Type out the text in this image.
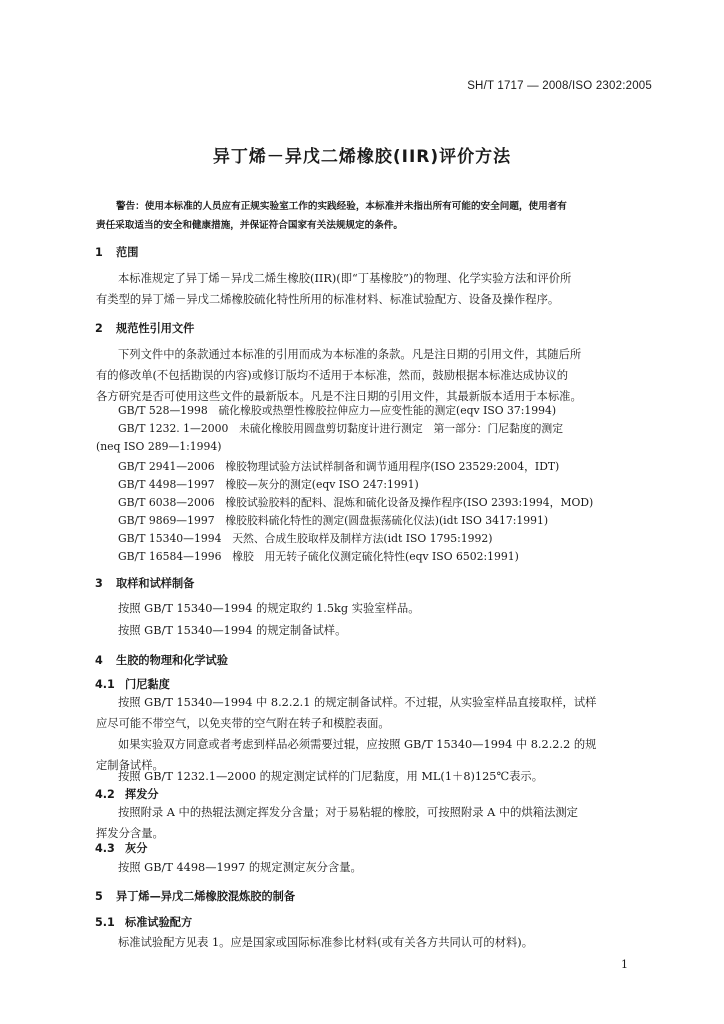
SH/T 1717 — 2008/ISO 2302:2005
异丁烯－异戊二烯橡胶(IIR)评价方法
警告：使用本标准的人员应有正规实验室工作的实践经验，本标准并未指出所有可能的安全问题，使用者有
责任采取适当的安全和健康措施，并保证符合国家有关法规规定的条件。
1 范围
本标准规定了异丁烯－异戊二烯生橡胶(IIR)(即“丁基橡胶”)的物理、化学实验方法和评价所
有类型的异丁烯－异戊二烯橡胶硫化特性所用的标准材料、标准试验配方、设备及操作程序。
2 规范性引用文件
下列文件中的条款通过本标准的引用而成为本标准的条款。凡是注日期的引用文件，其随后所
有的修改单(不包括勘误的内容)或修订版均不适用于本标准，然而，鼓励根据本标准达成协议的
各方研究是否可使用这些文件的最新版本。凡是不注日期的引用文件，其最新版本适用于本标准。
GB/T 528—1998　硫化橡胶或热塑性橡胶拉伸应力—应变性能的测定(eqv ISO 37:1994)
GB/T 1232. 1—2000　未硫化橡胶用圆盘剪切黏度计进行测定　第一部分：门尼黏度的测定
(neq ISO 289—1:1994)
GB/T 2941—2006　橡胶物理试验方法试样制备和调节通用程序(ISO 23529:2004，IDT)
GB/T 4498—1997　橡胶—灰分的测定(eqv ISO 247:1991)
GB/T 6038—2006　橡胶试验胶料的配料、混炼和硫化设备及操作程序(ISO 2393:1994，MOD)
GB/T 9869—1997　橡胶胶料硫化特性的测定(圆盘振荡硫化仪法)(idt ISO 3417:1991)
GB/T 15340—1994　天然、合成生胶取样及制样方法(idt ISO 1795:1992)
GB/T 16584—1996　橡胶　用无转子硫化仪测定硫化特性(eqv ISO 6502:1991)
3 取样和试样制备
按照 GB/T 15340—1994 的规定取约 1.5kg 实验室样品。
按照 GB/T 15340—1994 的规定制备试样。
4 生胶的物理和化学试验
4.1 门尼黏度
按照 GB/T 15340—1994 中 8.2.2.1 的规定制备试样。不过辊，从实验室样品直接取样，试样
应尽可能不带空气，以免夹带的空气附在转子和模腔表面。
如果实验双方同意或者考虑到样品必须需要过辊，应按照 GB/T 15340—1994 中 8.2.2.2 的规
定制备试样。
按照 GB/T 1232.1—2000 的规定测定试样的门尼黏度，用 ML(1＋8)125℃表示。
4.2 挥发分
按照附录 A 中的热辊法测定挥发分含量；对于易粘辊的橡胶，可按照附录 A 中的烘箱法测定
挥发分含量。
4.3 灰分
按照 GB/T 4498—1997 的规定测定灰分含量。
5 异丁烯—异戊二烯橡胶混炼胶的制备
5.1 标准试验配方
标准试验配方见表 1。应是国家或国际标准参比材料(或有关各方共同认可的材料)。
1
